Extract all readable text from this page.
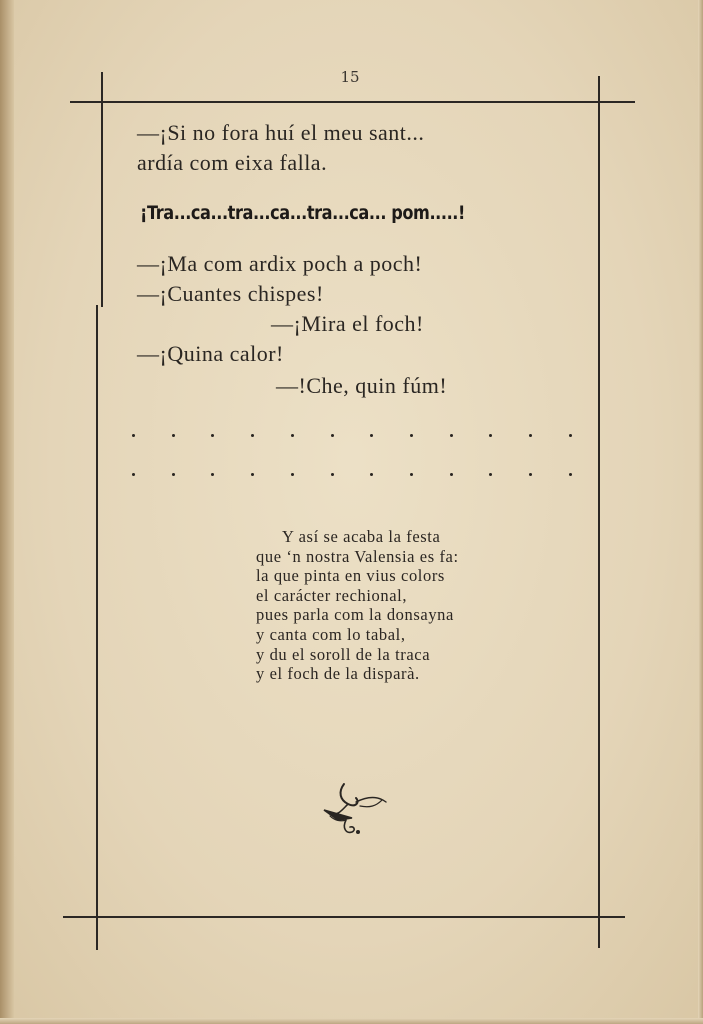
15
—¡Si no fora huí el meu sant...
ardía com eixa falla.
¡Tra...ca...tra...ca...tra...ca... pom.....!
—¡Ma com ardix poch a poch!
—¡Cuantes chispes!
—¡Mira el foch!
—¡Quina calor!
—!Che, quin fúm!
Y así se acaba la festa
que ‘n nostra Valensia es fa:
la que pinta en vius colors
el carácter rechional,
pues parla com la donsayna
y canta com lo tabal,
y du el soroll de la traca
y el foch de la disparà.
